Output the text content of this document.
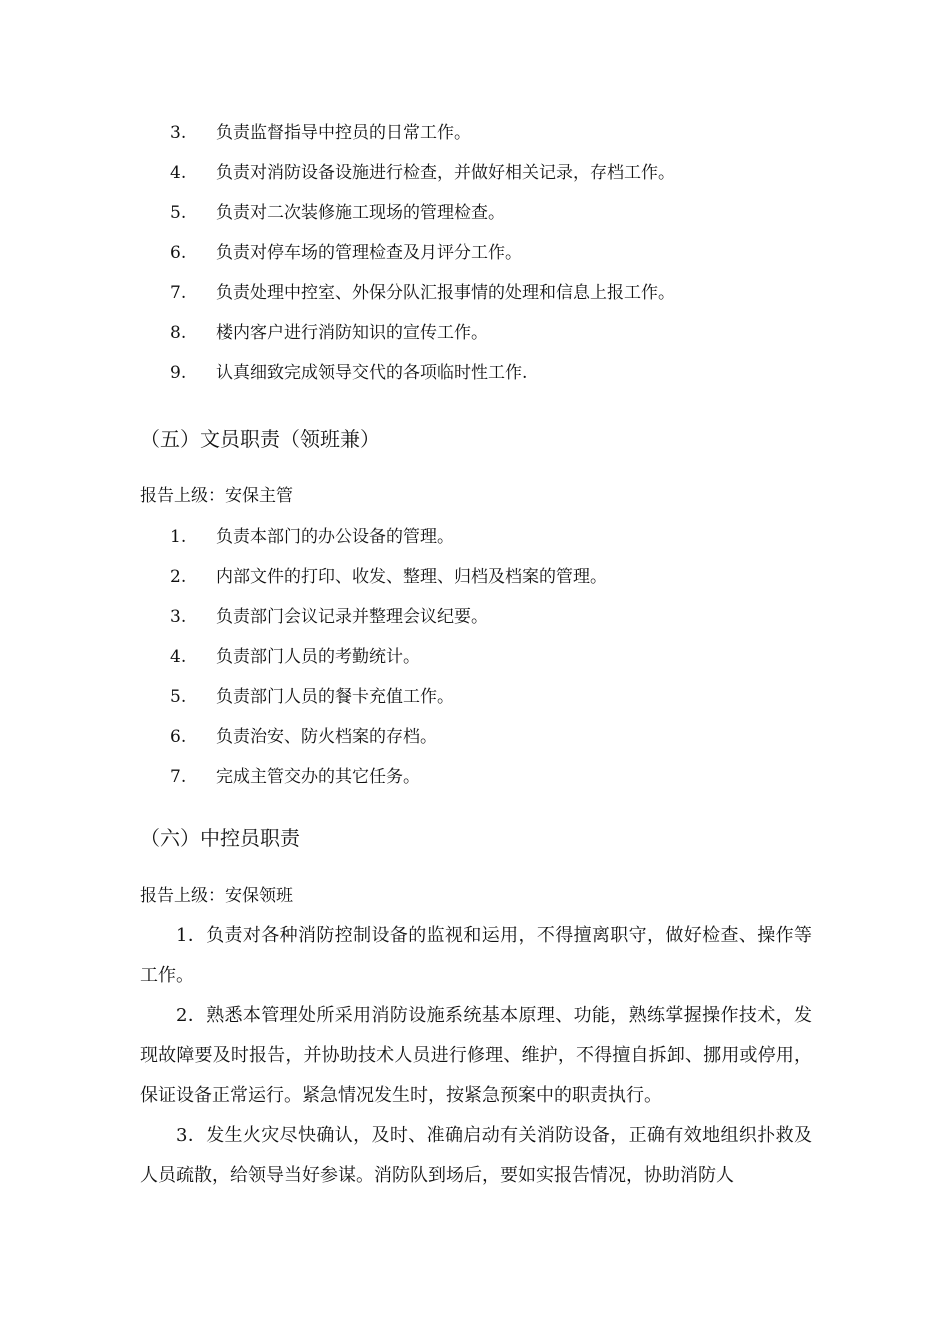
3. 负责监督指导中控员的日常工作。
4. 负责对消防设备设施进行检查，并做好相关记录，存档工作。
5. 负责对二次装修施工现场的管理检查。
6. 负责对停车场的管理检查及月评分工作。
7. 负责处理中控室、外保分队汇报事情的处理和信息上报工作。
8. 楼内客户进行消防知识的宣传工作。
9. 认真细致完成领导交代的各项临时性工作.
（五）文员职责（领班兼）
报告上级：安保主管
1. 负责本部门的办公设备的管理。
2. 内部文件的打印、收发、整理、归档及档案的管理。
3. 负责部门会议记录并整理会议纪要。
4. 负责部门人员的考勤统计。
5. 负责部门人员的餐卡充值工作。
6. 负责治安、防火档案的存档。
7. 完成主管交办的其它任务。
（六）中控员职责
报告上级：安保领班
1．负责对各种消防控制设备的监视和运用，不得擅离职守，做好检查、操作等工作。
2．熟悉本管理处所采用消防设施系统基本原理、功能，熟练掌握操作技术，发现故障要及时报告，并协助技术人员进行修理、维护，不得擅自拆卸、挪用或停用，保证设备正常运行。紧急情况发生时，按紧急预案中的职责执行。
3．发生火灾尽快确认，及时、准确启动有关消防设备，正确有效地组织扑救及人员疏散，给领导当好参谋。消防队到场后，要如实报告情况，协助消防人
